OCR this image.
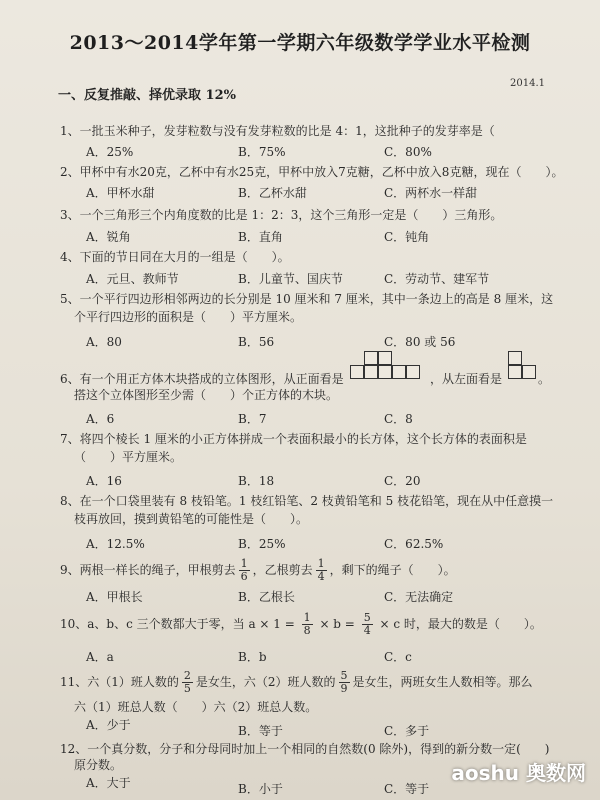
2013～2014学年第一学期六年级数学学业水平检测
2014.1
一、反复推敲、择优录取 12%
1、一批玉米种子，发芽粒数与没有发芽粒数的比是 4：1，这批种子的发芽率是（
A．25%	B．75%	C．80%
2、甲杯中有水20克，乙杯中有水25克，甲杯中放入7克糖，乙杯中放入8克糖，现在（　　）。
A．甲杯水甜	B．乙杯水甜	C．两杯水一样甜
3、一个三角形三个内角度数的比是 1：2：3，这个三角形一定是（　　）三角形。
A．锐角	B．直角	C．钝角
4、下面的节日同在大月的一组是（　　）。
A．元旦、教师节	B．儿童节、国庆节	C．劳动节、建军节
5、一个平行四边形相邻两边的长分别是 10 厘米和 7 厘米，其中一条边上的高是 8 厘米，这
个平行四边形的面积是（　　）平方厘米。
A．80	B．56	C．80 或 56
6、有一个用正方体木块搭成的立体图形，从正面看是	，从左面看是	。
搭这个立体图形至少需（　　）个正方体的木块。
A．6	B．7	C．8
7、将四个棱长 1 厘米的小正方体拼成一个表面积最小的长方体，这个长方体的表面积是
（　　）平方厘米。
A．16	B．18	C．20
8、在一个口袋里装有 8 枝铅笔。1 枝红铅笔、2 枝黄铅笔和 5 枝花铅笔，现在从中任意摸一
枝再放回，摸到黄铅笔的可能性是（　　）。
A．12.5%	B．25%	C．62.5%
9、两根一样长的绳子，甲根剪去 $\frac{1}{6}$ ，乙根剪去 $\frac{1}{4}$ ，剩下的绳子（　　）。
A．甲根长	B．乙根长	C．无法确定
10、a、b、c 三个数都大于零，当 $a \times 1 = \frac{1}{8} \times b = \frac{5}{4} \times c$ 时，最大的数是（　　）。
A．a	B．b	C．c
11、六（1）班人数的 $\frac{2}{5}$ 是女生，六（2）班人数的 $\frac{5}{9}$ 是女生，两班女生人数相等。那么
六（1）班总人数（　　）六（2）班总人数。
A．少于	B．等于	C．多于
12、一个真分数，分子和分母同时加上一个相同的自然数(0 除外)，得到的新分数一定(　　)
原分数。
A．大于	B．小于	C．等于
aoshu 奥数网
